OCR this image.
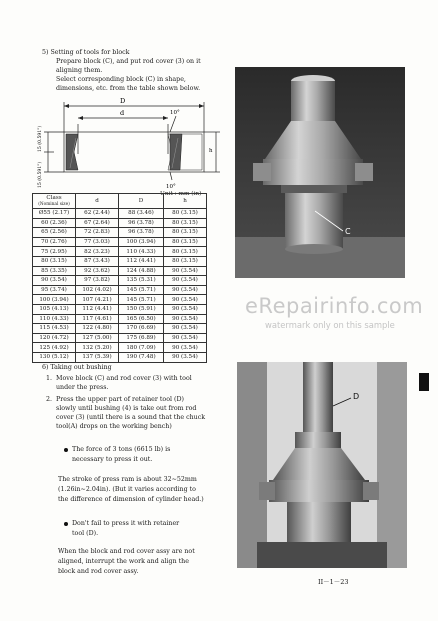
5) Setting of tools for block
Prepare block (C), and put rod cover (3) on it
aligning them.
Select corresponding block (C) in shape,
dimensions, etc. from the table shown below.
D
d	10°
10°
h
15 (0.591")
15 (0.591")
Unit : mm (in)
Class
(Nominal size)	d	D	h
Ø55 (2.17)	62 (2.44)	88 (3.46)	80 (3.15)
60 (2.36)	67 (2.64)	96 (3.78)	80 (3.15)
65 (2.56)	72 (2.83)	96 (3.78)	80 (3.15)
70 (2.76)	77 (3.03)	100 (3.94)	80 (3.15)
75 (2.95)	82 (3.23)	110 (4.33)	80 (3.15)
80 (3.15)	87 (3.43)	112 (4.41)	80 (3.15)
85 (3.35)	92 (3.62)	124 (4.88)	90 (3.54)
90 (3.54)	97 (3.82)	135 (5.31)	90 (3.54)
95 (3.74)	102 (4.02)	145 (5.71)	90 (3.54)
100 (3.94)	107 (4.21)	145 (5.71)	90 (3.54)
105 (4.13)	112 (4.41)	150 (5.91)	90 (3.54)
110 (4.33)	117 (4.61)	165 (6.50)	90 (3.54)
115 (4.53)	122 (4.80)	170 (6.69)	90 (3.54)
120 (4.72)	127 (5.00)	175 (6.89)	90 (3.54)
125 (4.92)	132 (5.20)	180 (7.09)	90 (3.54)
130 (5.12)	137 (5.39)	190 (7.48)	90 (3.54)
6) Taking out bushing
1. Move block (C) and rod cover (3) with tool
under the press.
2. Press the upper part of retainer tool (D)
slowly until bushing (4) is take out from rod
cover (3) (until there is a sound that the chuck
tool(A) drops on the working bench)
The force of 3 tons (6615 lb) is
necessary to press it out.
The stroke of press ram is about 32~52mm
(1.26in~2.04in). (But it varies according to
the difference of dimension of cylinder head.)
Don't fail to press it with retainer
tool (D).
When the block and rod cover assy are not
aligned, interrupt the work and align the
block and rod cover assy.
C
eRepairinfo.com
watermark only on this sample
D
II－1－23
